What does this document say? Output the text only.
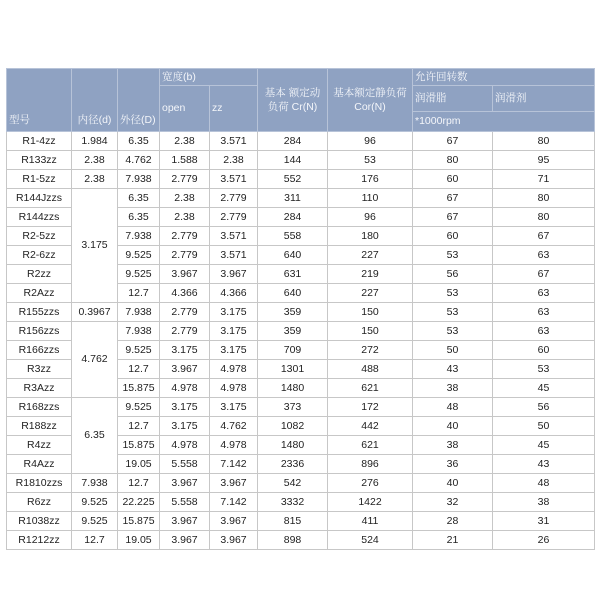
型号	内径(d)	外径(D)	宽度(b)		基本 额定动负荷 Cr(N)	基本额定静负荷 Cor(N)	允许回转数	
			open	zz			润滑脂	润滑剂
							*1000rpm	
R1-4zz	1.984	6.35	2.38	3.571	284	96	67	80
R133zz	2.38	4.762	1.588	2.38	144	53	80	95
R1-5zz	2.38	7.938	2.779	3.571	552	176	60	71
R144Jzzs	3.175	6.35	2.38	2.779	311	110	67	80
R144zzs		6.35	2.38	2.779	284	96	67	80
R2-5zz		7.938	2.779	3.571	558	180	60	67
R2-6zz		9.525	2.779	3.571	640	227	53	63
R2zz		9.525	3.967	3.967	631	219	56	67
R2Azz		12.7	4.366	4.366	640	227	53	63
R155zzs	0.3967	7.938	2.779	3.175	359	150	53	63
R156zzs	4.762	7.938	2.779	3.175	359	150	53	63
R166zzs		9.525	3.175	3.175	709	272	50	60
R3zz		12.7	3.967	4.978	1301	488	43	53
R3Azz		15.875	4.978	4.978	1480	621	38	45
R168zzs	6.35	9.525	3.175	3.175	373	172	48	56
R188zz		12.7	3.175	4.762	1082	442	40	50
R4zz		15.875	4.978	4.978	1480	621	38	45
R4Azz		19.05	5.558	7.142	2336	896	36	43
R1810zzs	7.938	12.7	3.967	3.967	542	276	40	48
R6zz	9.525	22.225	5.558	7.142	3332	1422	32	38
R1038zz	9.525	15.875	3.967	3.967	815	411	28	31
R1212zz	12.7	19.05	3.967	3.967	898	524	21	26
